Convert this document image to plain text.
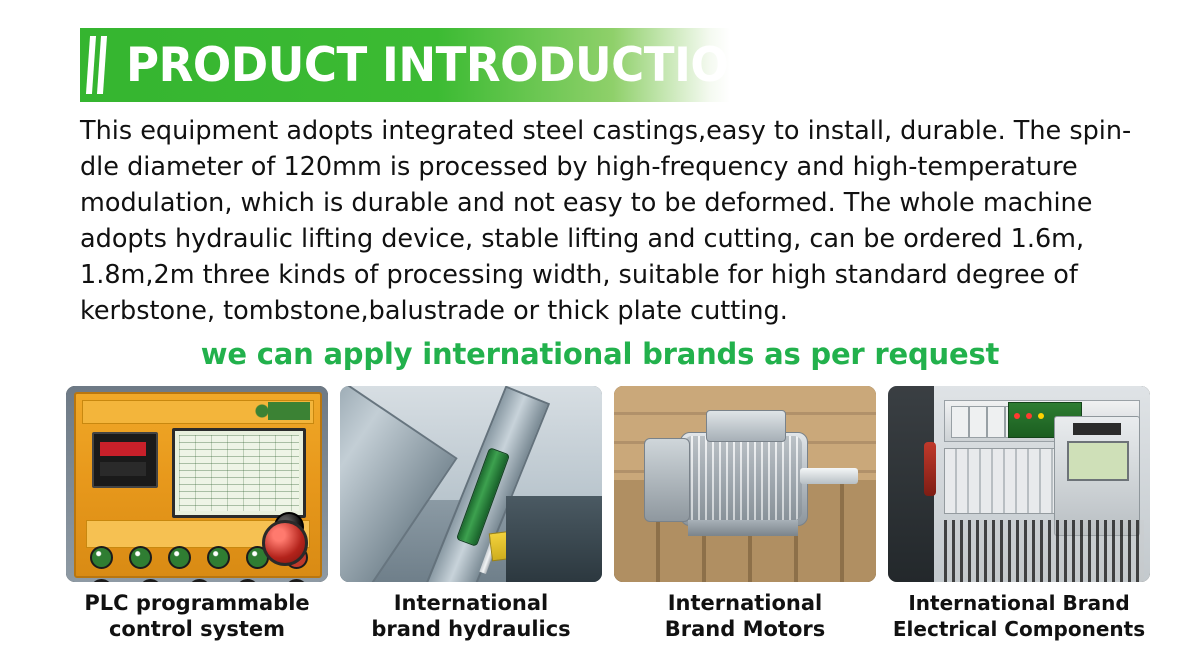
PRODUCT INTRODUCTION
This equipment adopts integrated steel castings,easy to install, durable. The spin-
dle diameter of 120mm is processed by high-frequency and high-temperature
modulation, which is durable and not easy to be deformed. The whole machine
adopts hydraulic lifting device, stable lifting and cutting, can be ordered 1.6m,
1.8m,2m three kinds of processing width, suitable for high standard degree of
kerbstone, tombstone,balustrade or thick plate cutting.
we can apply international brands as per request
PLC programmable
control system
International
brand hydraulics
International
Brand Motors
International Brand
Electrical Components
